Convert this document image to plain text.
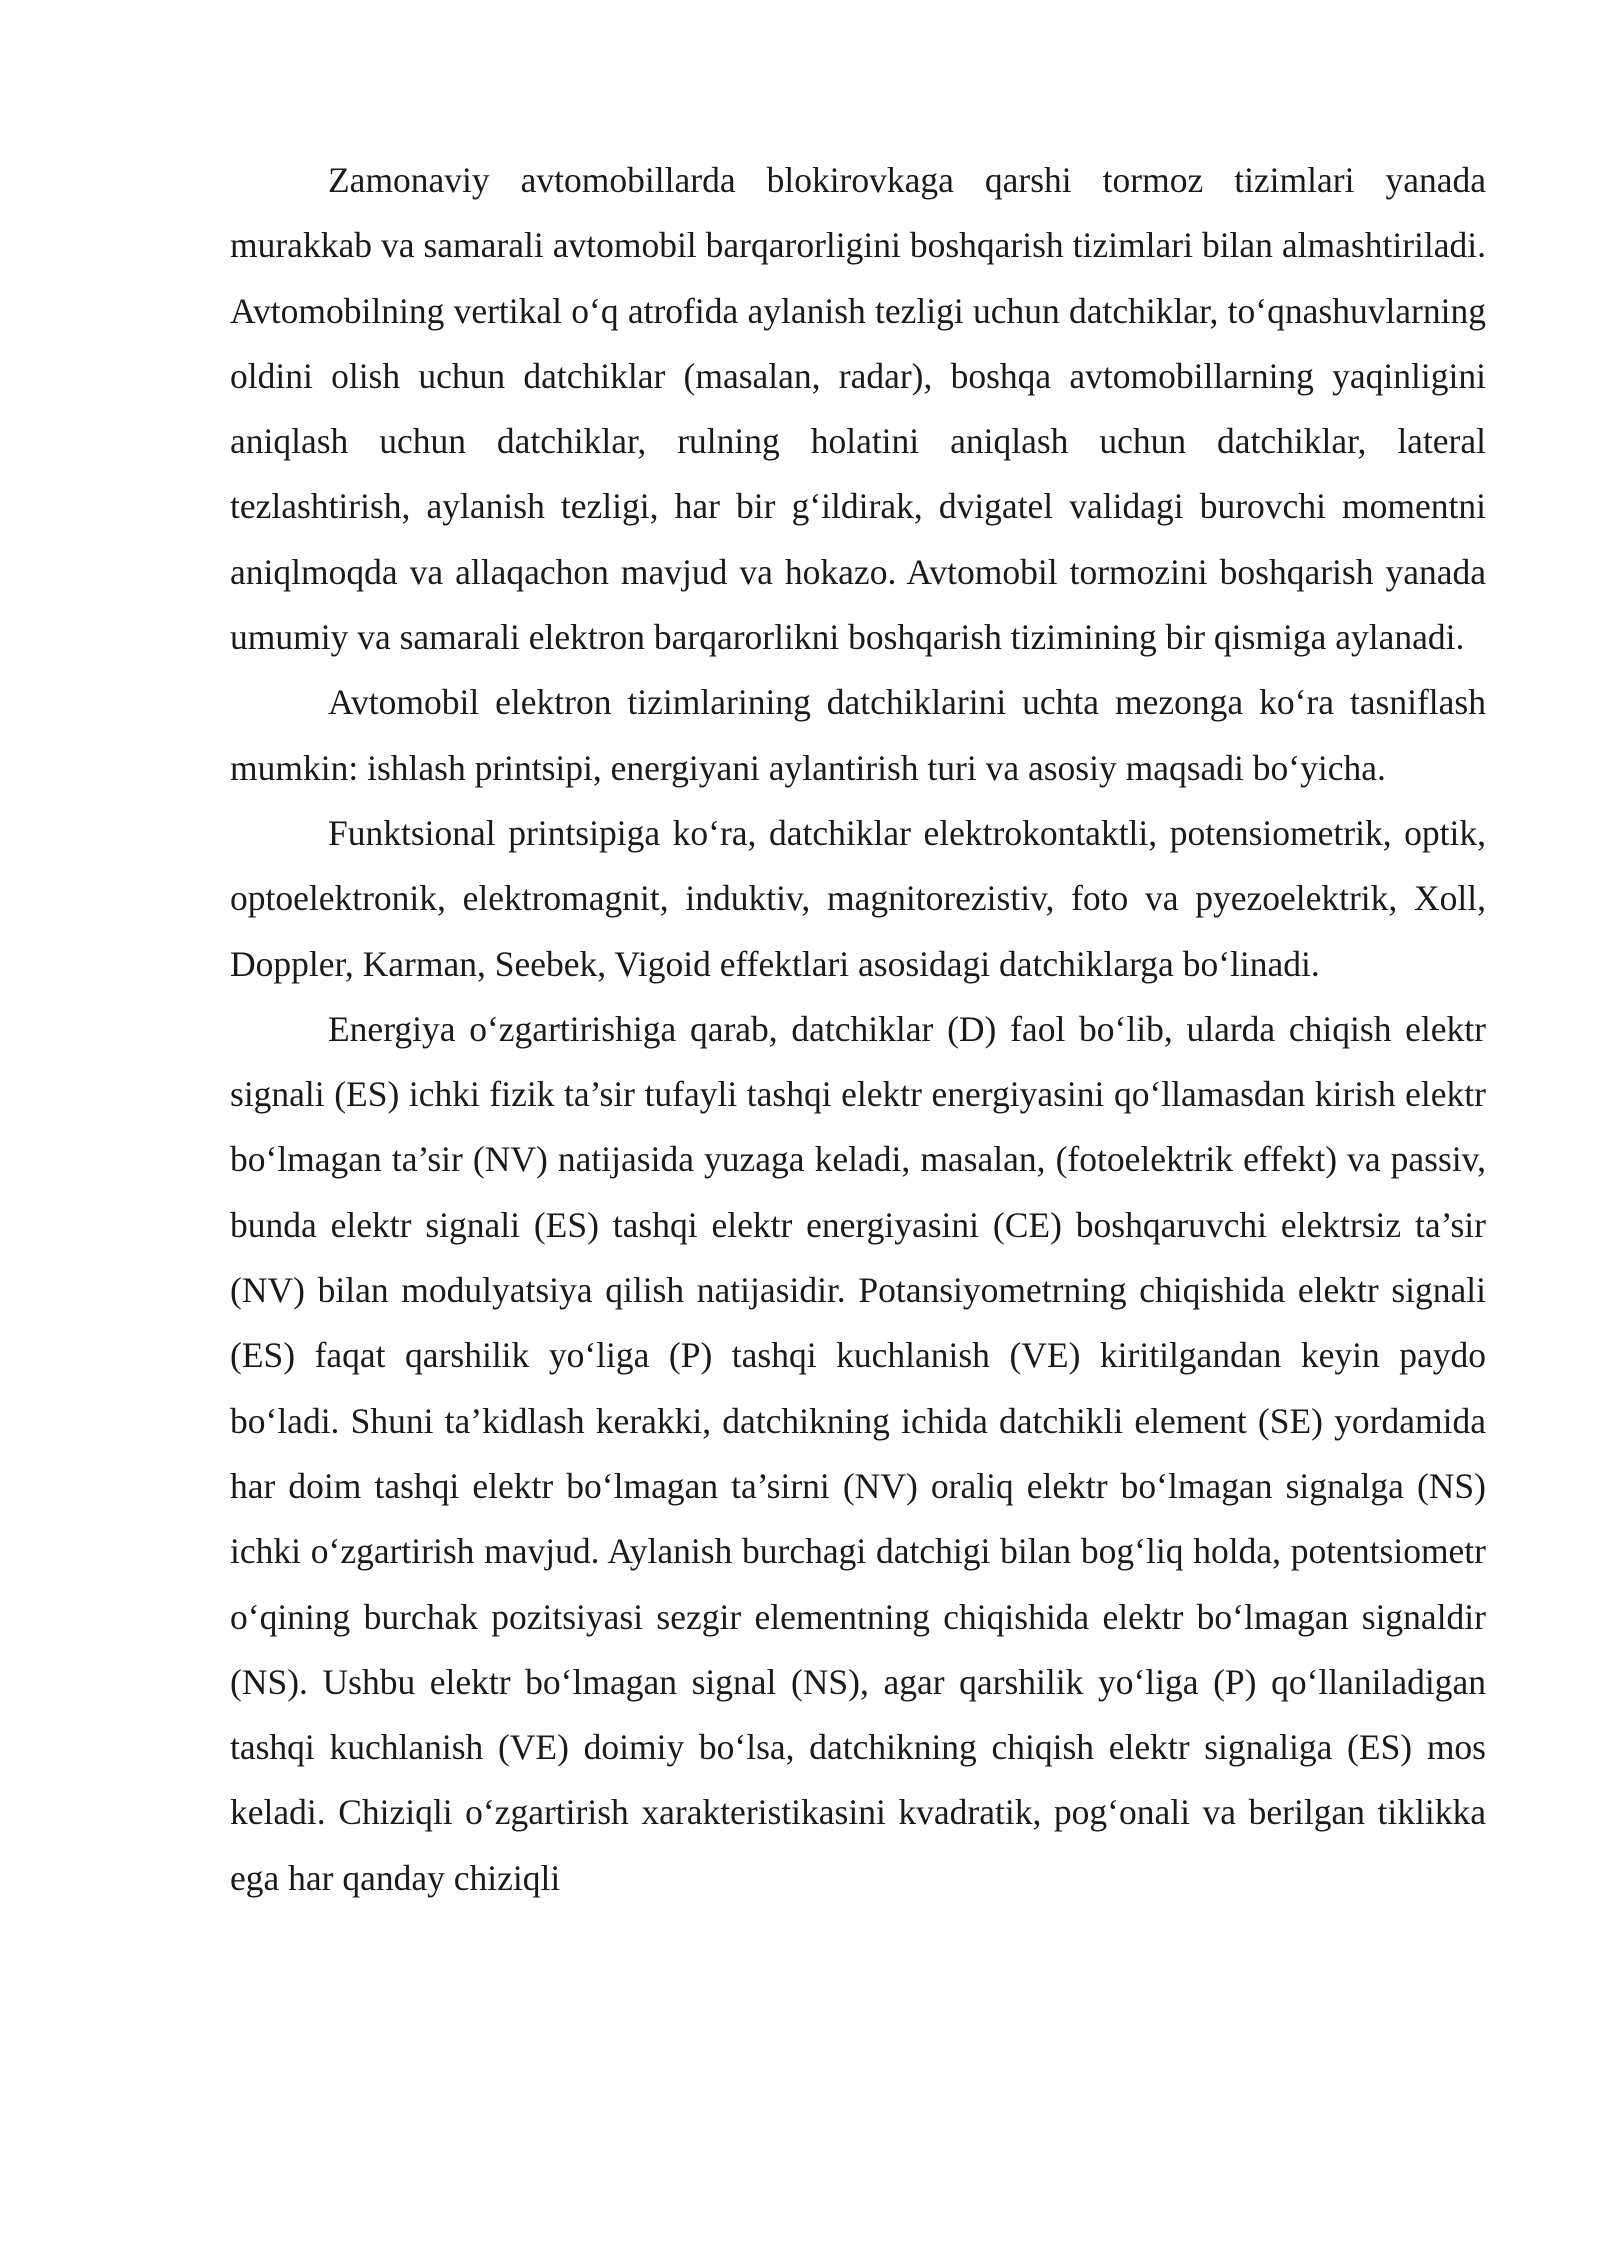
Zamonaviy avtomobillarda blokirovkaga qarshi tormoz tizimlari yanada murakkab va samarali avtomobil barqarorligini boshqarish tizimlari bilan almashtiriladi. Avtomobilning vertikal o‘q atrofida aylanish tezligi uchun datchiklar, to‘qnashuvlarning oldini olish uchun datchiklar (masalan, radar), boshqa avtomobillarning yaqinligini aniqlash uchun datchiklar, rulning holatini aniqlash uchun datchiklar, lateral tezlashtirish, aylanish tezligi, har bir g‘ildirak, dvigatel validagi burovchi momentni aniqlmoqda va allaqachon mavjud va hokazo. Avtomobil tormozini boshqarish yanada umumiy va samarali elektron barqarorlikni boshqarish tizimining bir qismiga aylanadi.

Avtomobil elektron tizimlarining datchiklarini uchta mezonga ko‘ra tasniflash mumkin: ishlash printsipi, energiyani aylantirish turi va asosiy maqsadi bo‘yicha.

Funktsional printsipiga ko‘ra, datchiklar elektrokontaktli, potensiometrik, optik, optoelektronik, elektromagnit, induktiv, magnitorezistiv, foto va pyezoelektrik, Xoll, Doppler, Karman, Seebek, Vigoid effektlari asosidagi datchiklarga bo‘linadi.

Energiya o‘zgartirishiga qarab, datchiklar (D) faol bo‘lib, ularda chiqish elektr signali (ES) ichki fizik ta’sir tufayli tashqi elektr energiyasini qo‘llamasdan kirish elektr bo‘lmagan ta’sir (NV) natijasida yuzaga keladi, masalan, (fotoelektrik effekt) va passiv, bunda elektr signali (ES) tashqi elektr energiyasini (CE) boshqaruvchi elektrsiz ta’sir (NV) bilan modulyatsiya qilish natijasidir. Potansiyometrning chiqishida elektr signali (ES) faqat qarshilik yo‘liga (P) tashqi kuchlanish (VE) kiritilgandan keyin paydo bo‘ladi. Shuni ta’kidlash kerakki, datchikning ichida datchikli element (SE) yordamida har doim tashqi elektr bo‘lmagan ta’sirni (NV) oraliq elektr bo‘lmagan signalga (NS) ichki o‘zgartirish mavjud. Aylanish burchagi datchigi bilan bog‘liq holda, potentsiometr o‘qining burchak pozitsiyasi sezgir elementning chiqishida elektr bo‘lmagan signaldir (NS). Ushbu elektr bo‘lmagan signal (NS), agar qarshilik yo‘liga (P) qo‘llaniladigan tashqi kuchlanish (VE) doimiy bo‘lsa, datchikning chiqish elektr signaliga (ES) mos keladi. Chiziqli o‘zgartirish xarakteristikasini kvadratik, pog‘onali va berilgan tiklikka ega har qanday chiziqli
